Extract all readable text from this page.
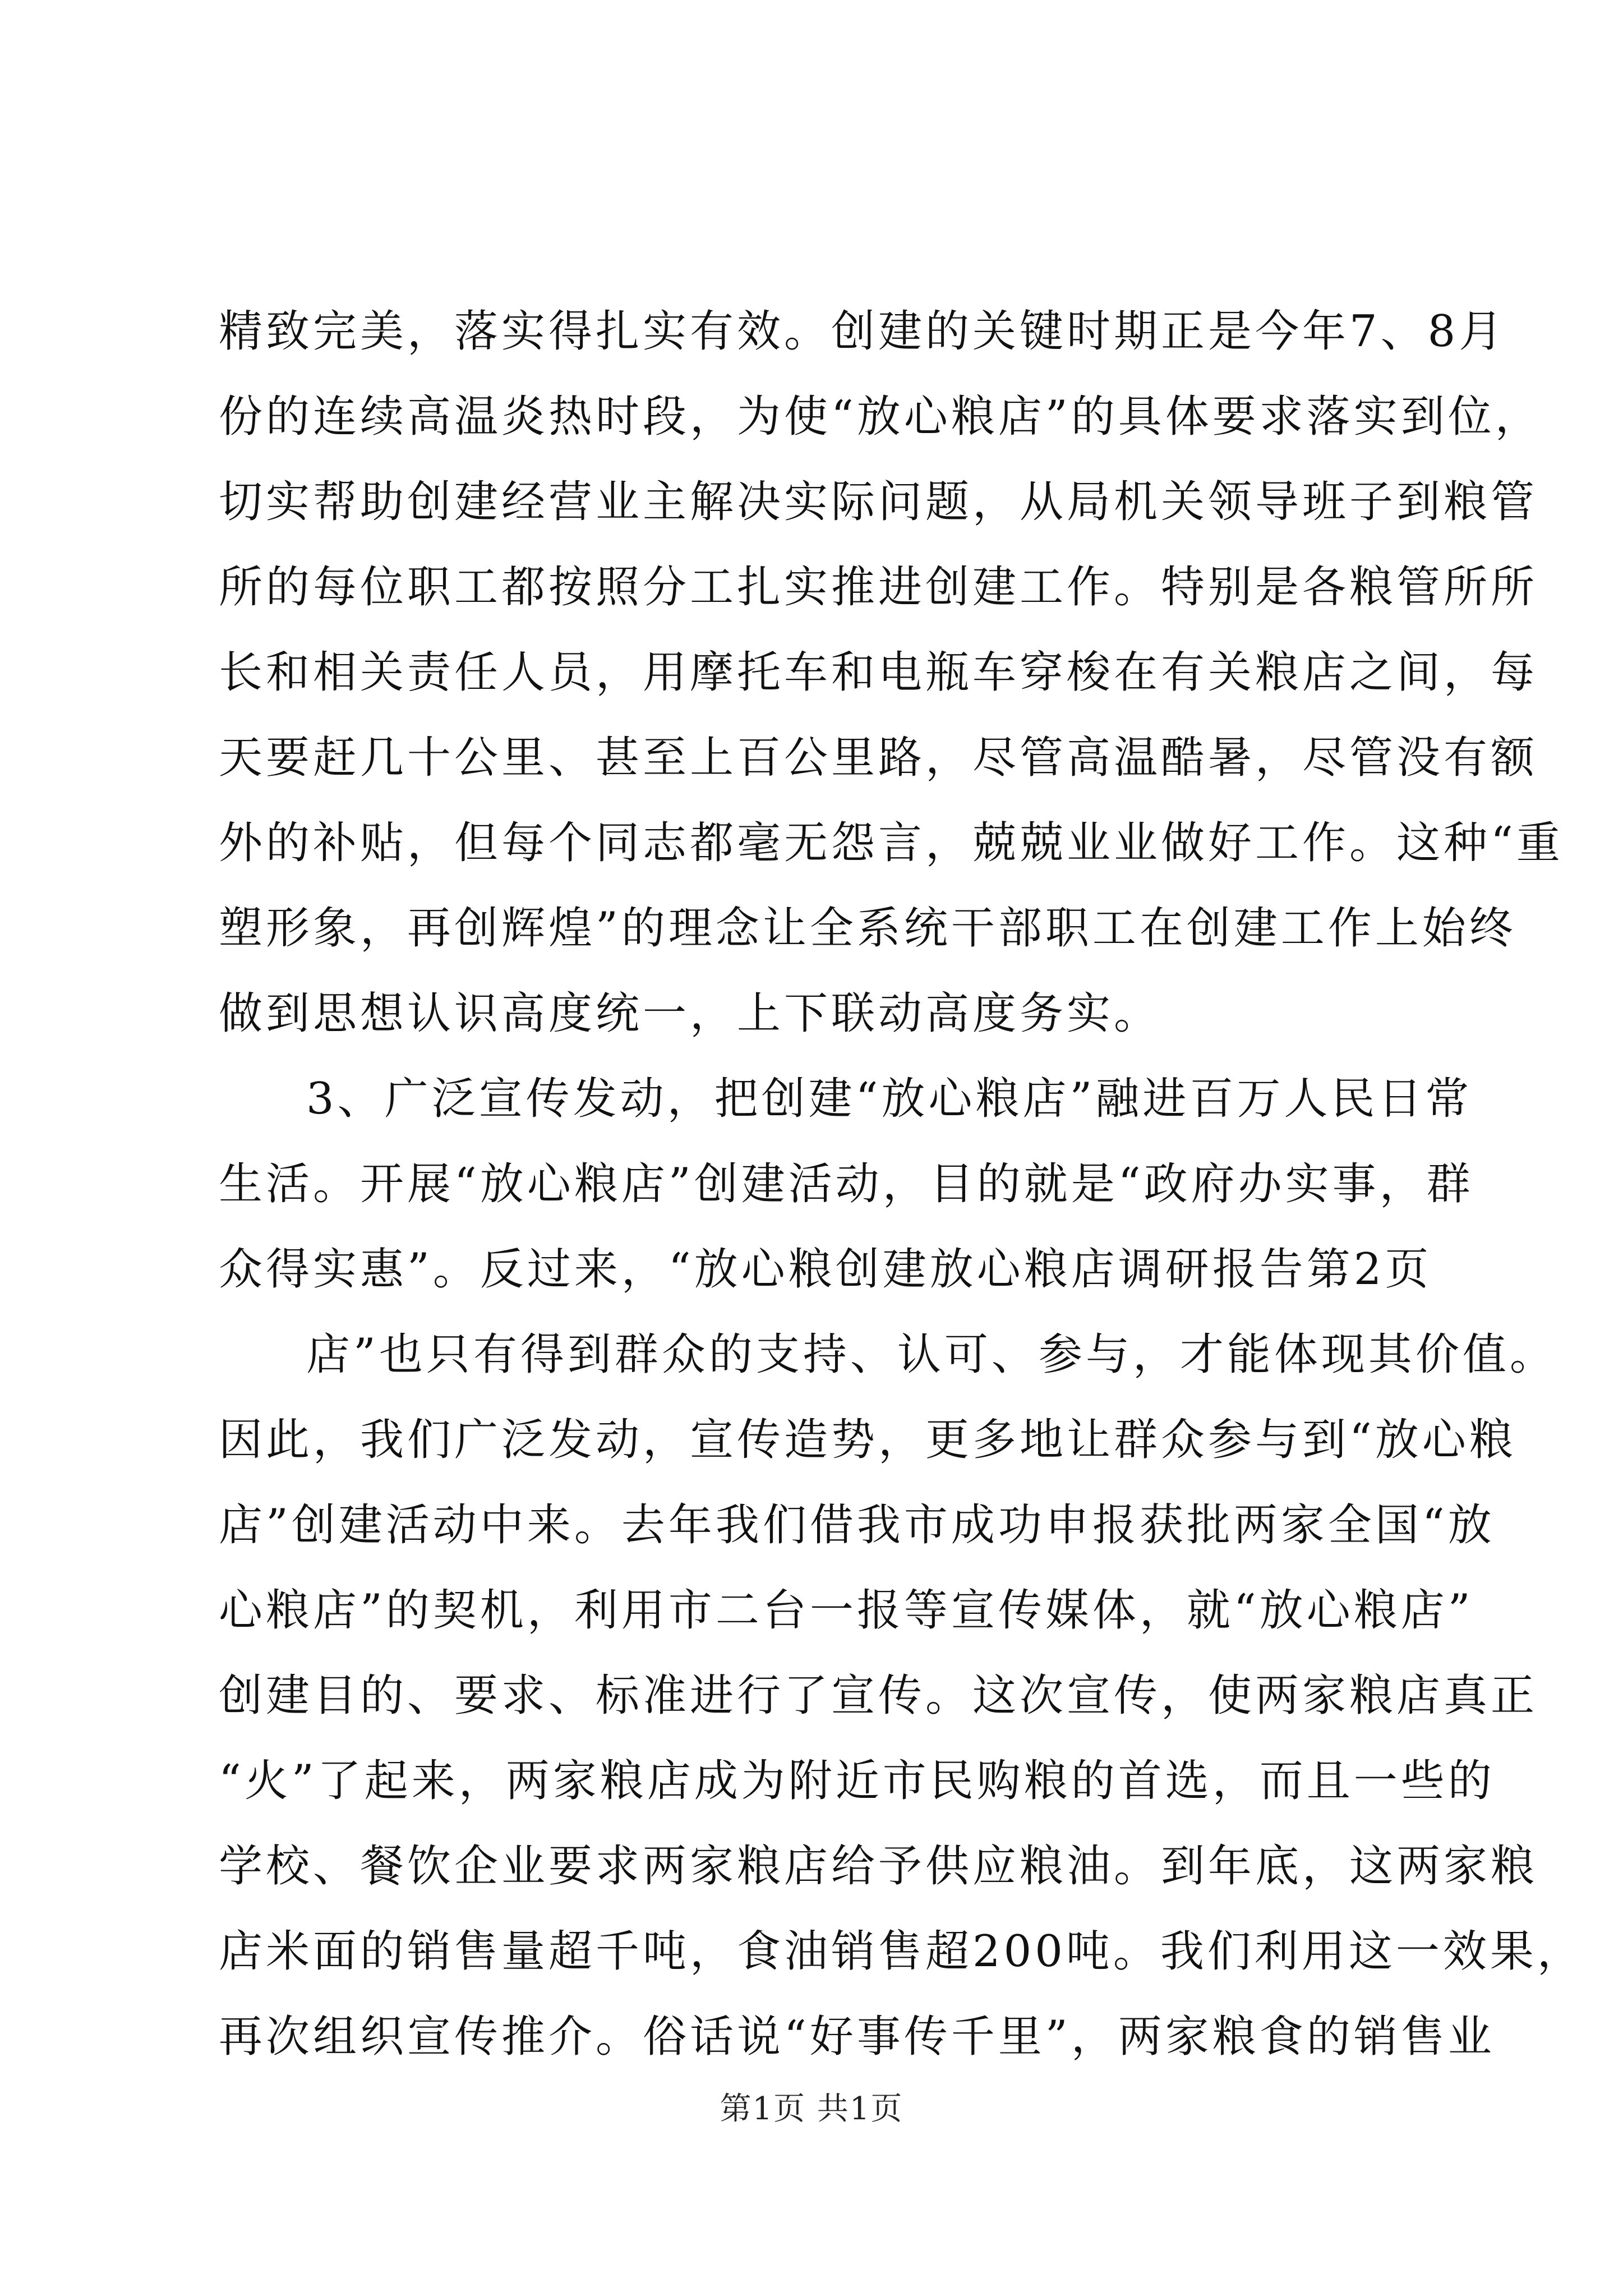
精致完美，落实得扎实有效。创建的关键时期正是今年7、8月
份的连续高温炎热时段，为使“放心粮店”的具体要求落实到位，
切实帮助创建经营业主解决实际问题，从局机关领导班子到粮管
所的每位职工都按照分工扎实推进创建工作。特别是各粮管所所
长和相关责任人员，用摩托车和电瓶车穿梭在有关粮店之间，每
天要赶几十公里、甚至上百公里路，尽管高温酷暑，尽管没有额
外的补贴，但每个同志都毫无怨言，兢兢业业做好工作。这种“重
塑形象，再创辉煌”的理念让全系统干部职工在创建工作上始终
做到思想认识高度统一，上下联动高度务实。
3、广泛宣传发动，把创建“放心粮店”融进百万人民日常
生活。开展“放心粮店”创建活动，目的就是“政府办实事，群
众得实惠”。反过来，“放心粮创建放心粮店调研报告第2页
店”也只有得到群众的支持、认可、参与，才能体现其价值。
因此，我们广泛发动，宣传造势，更多地让群众参与到“放心粮
店”创建活动中来。去年我们借我市成功申报获批两家全国“放
心粮店”的契机，利用市二台一报等宣传媒体，就“放心粮店”
创建目的、要求、标准进行了宣传。这次宣传，使两家粮店真正
“火”了起来，两家粮店成为附近市民购粮的首选，而且一些的
学校、餐饮企业要求两家粮店给予供应粮油。到年底，这两家粮
店米面的销售量超千吨，食油销售超200吨。我们利用这一效果，
再次组织宣传推介。俗话说“好事传千里”，两家粮食的销售业
第1页 共1页
